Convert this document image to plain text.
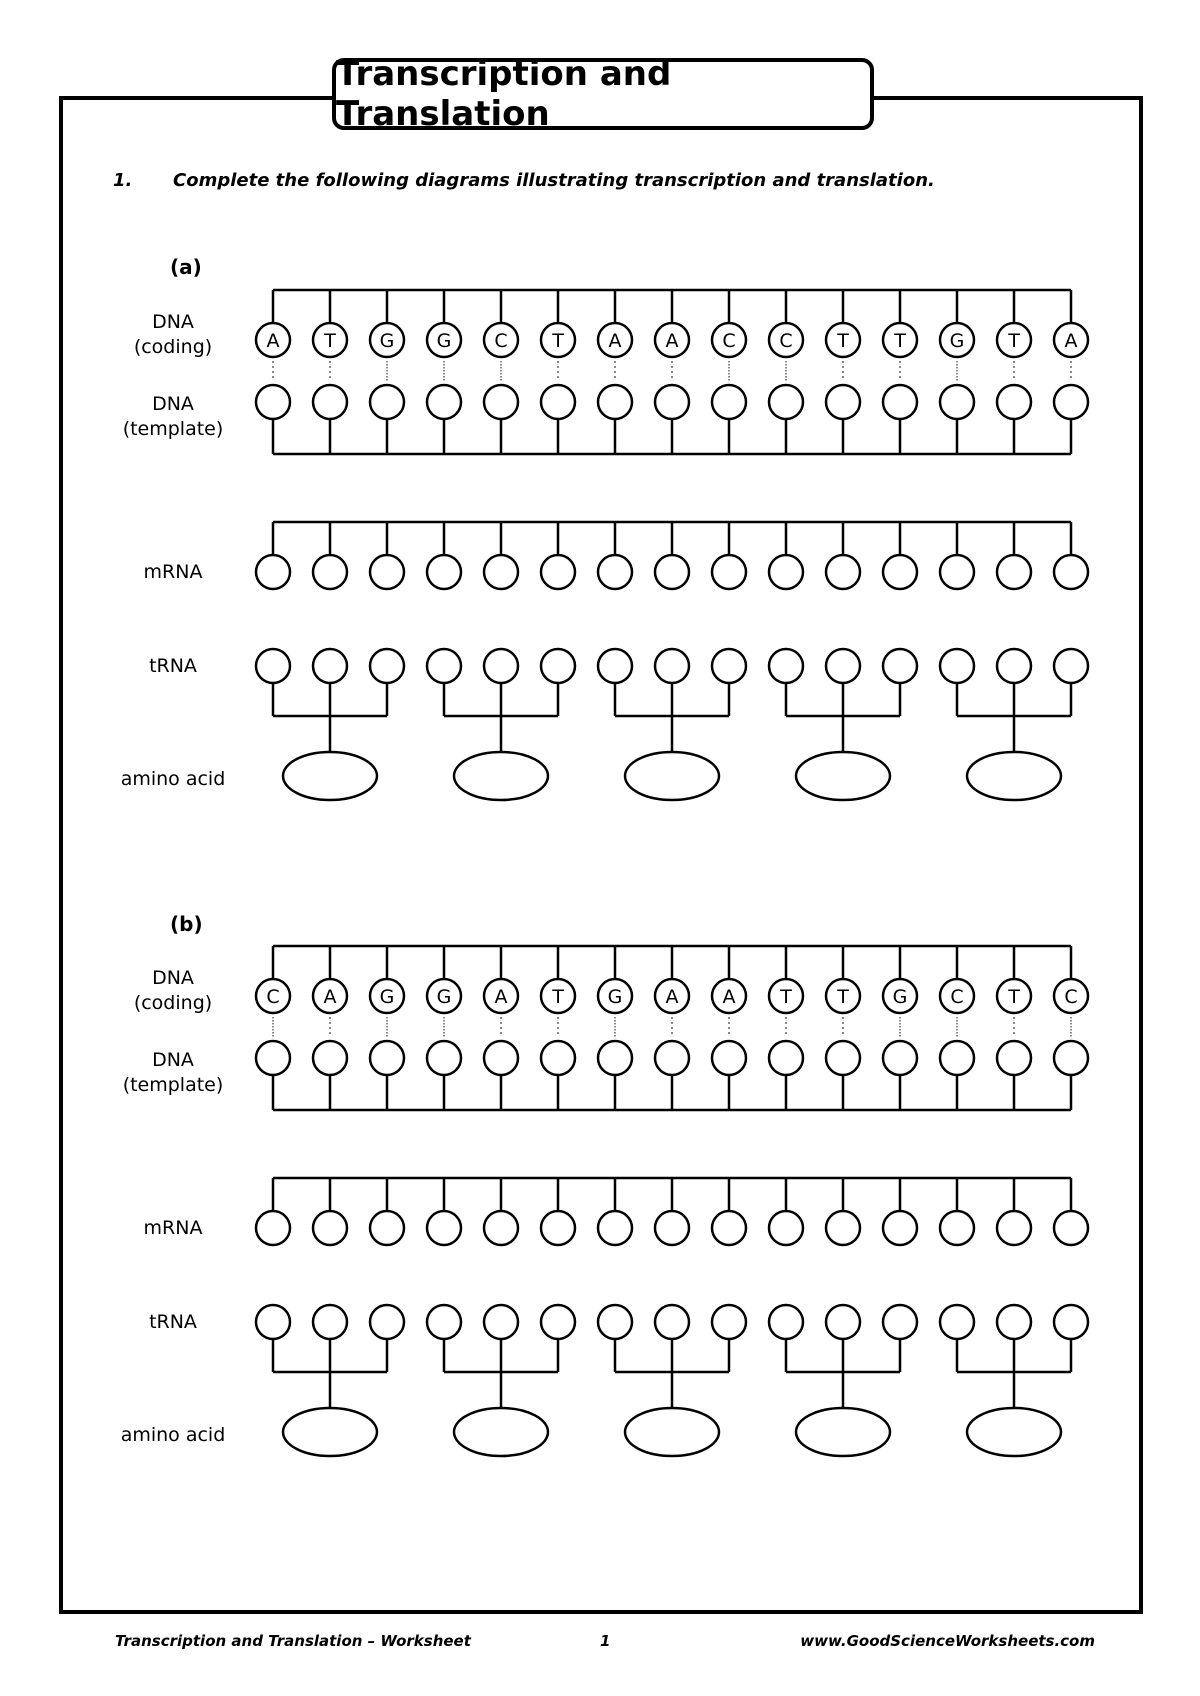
Transcription and Translation
1. Complete the following diagrams illustrating transcription and translation.
(a)
DNA
(coding)
DNA
(template)
mRNA
tRNA
amino acid
(b)
DNA
(coding)
DNA
(template)
mRNA
tRNA
amino acid
A T G G C T A A C C T T G T A
C A G G A T G A A T T G C T C
Transcription and Translation – Worksheet	1	www.GoodScienceWorksheets.com
